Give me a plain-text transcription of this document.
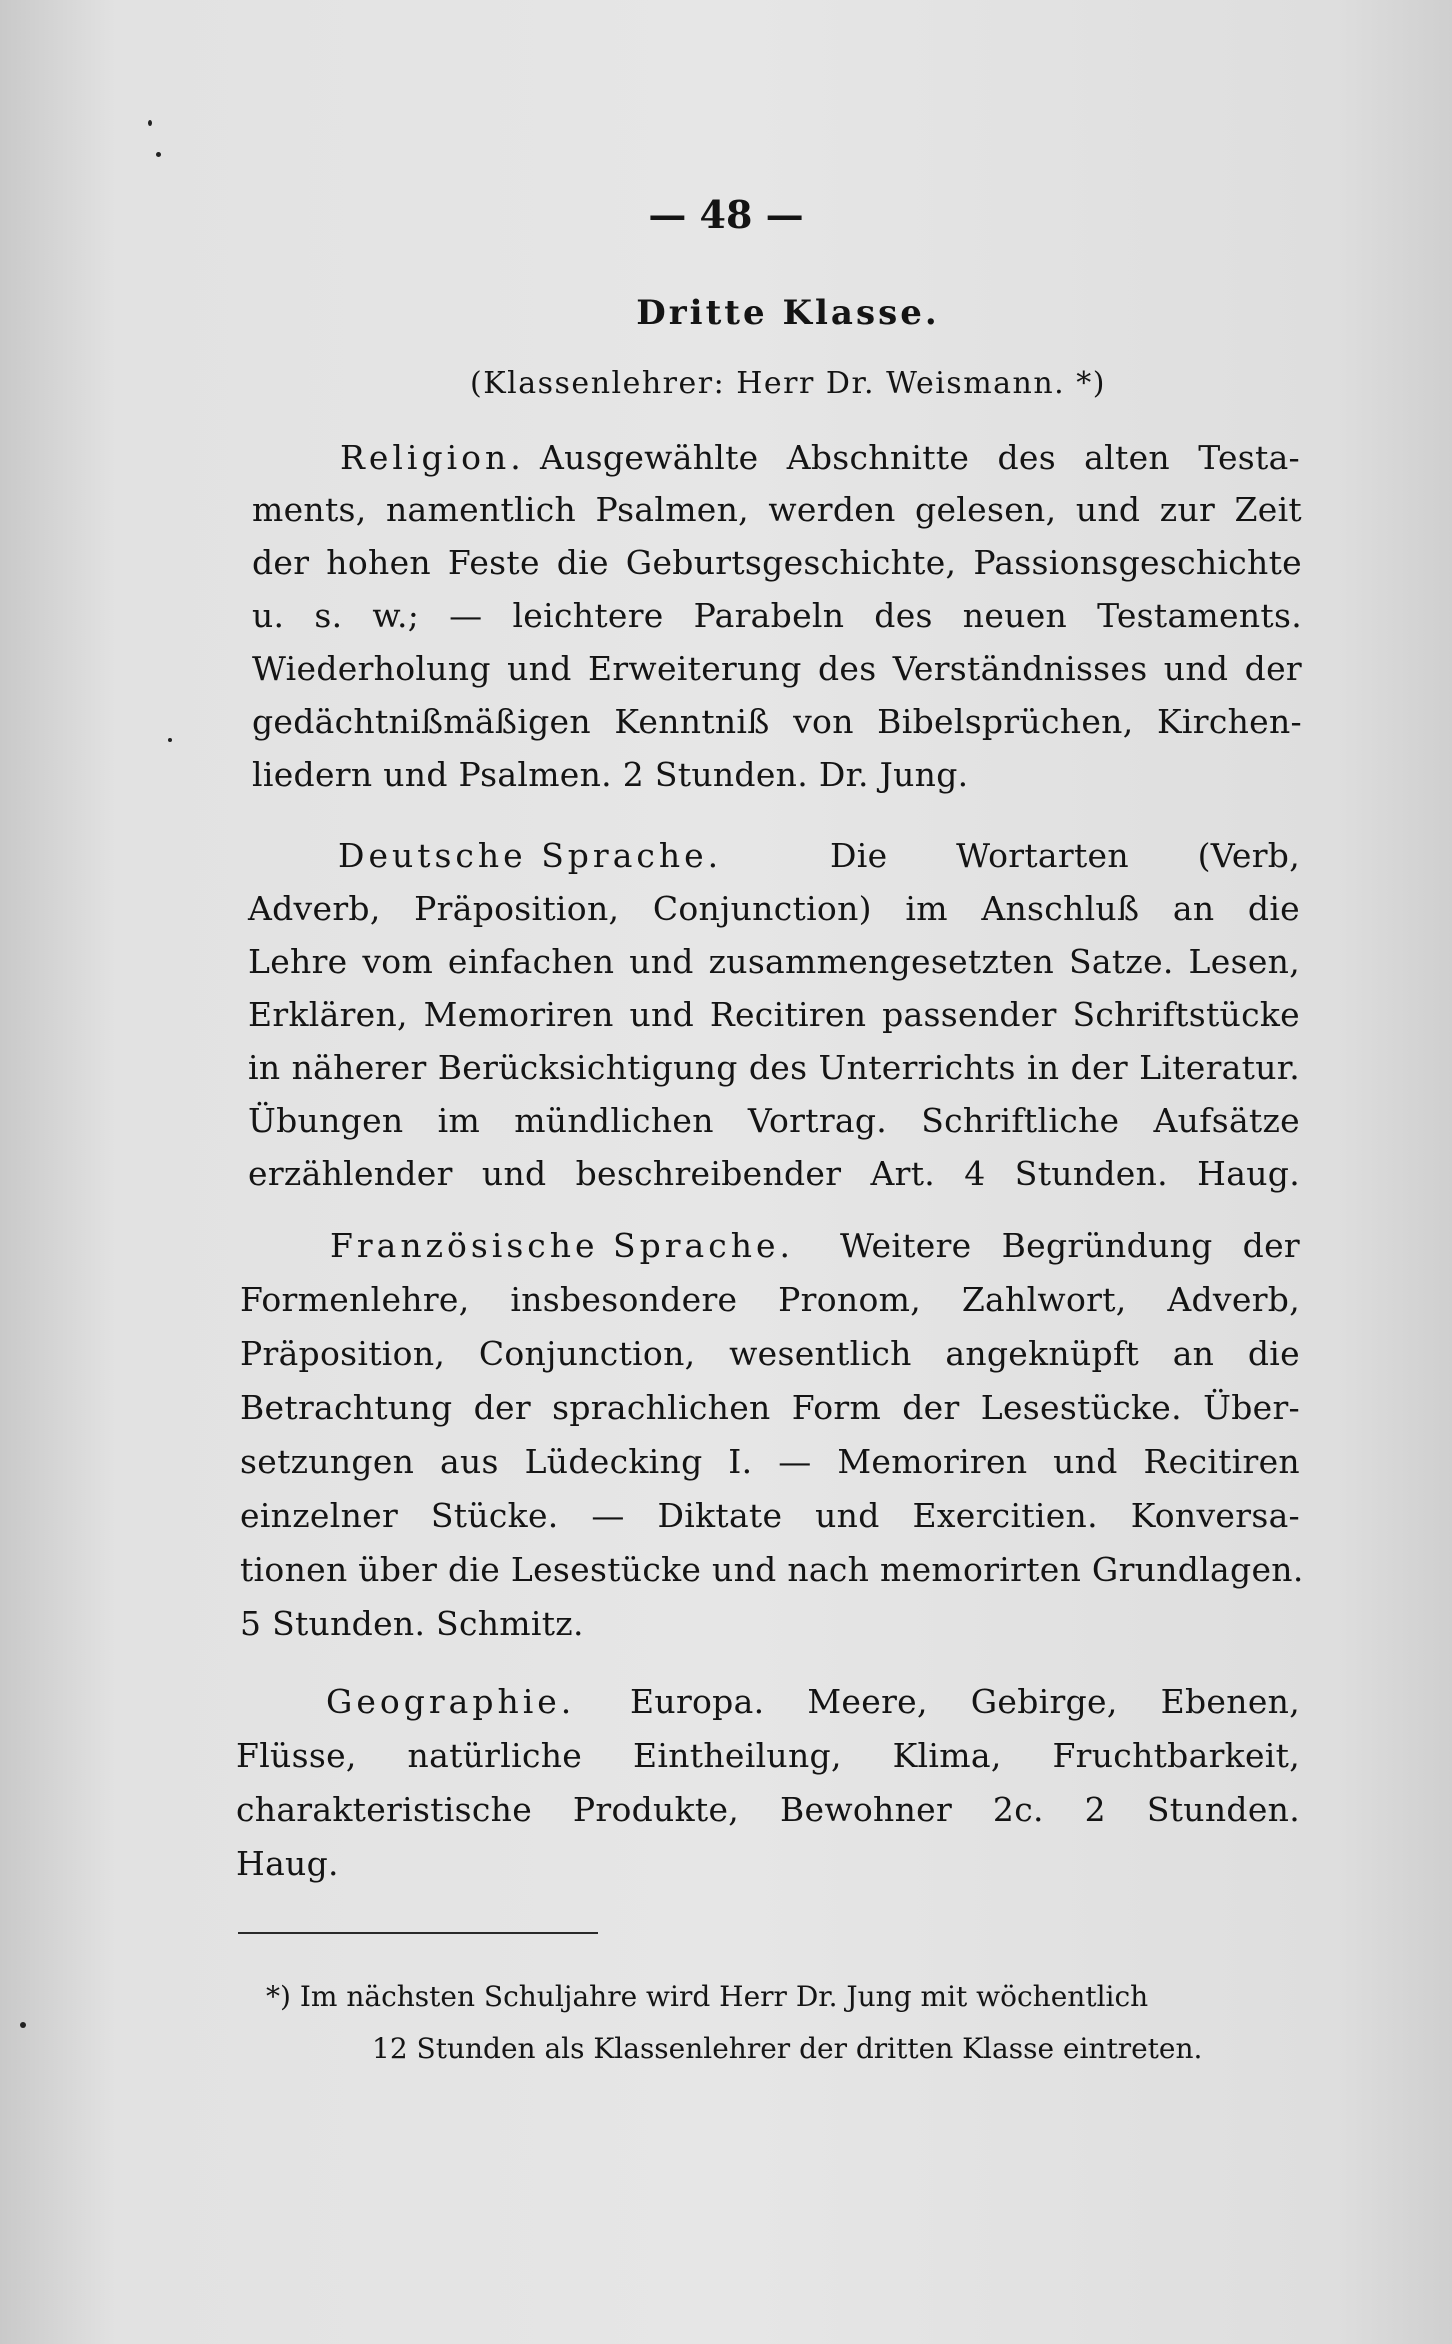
— 48 —
Dritte Klasse.
(Klassenlehrer: Herr Dr. Weismann. *)
Religion. Ausgewählte Abschnitte des alten Testa-
ments, namentlich Psalmen, werden gelesen, und zur Zeit
der hohen Feste die Geburtsgeschichte, Passionsgeschichte
u. s. w.; — leichtere Parabeln des neuen Testaments.
Wiederholung und Erweiterung des Verständnisses und der
gedächtnißmäßigen Kenntniß von Bibelsprüchen, Kirchen-
liedern und Psalmen. 2 Stunden. Dr. Jung.
Deutsche Sprache.	Die Wortarten (Verb,
Adverb, Präposition, Conjunction) im Anschluß an die
Lehre vom einfachen und zusammengesetzten Satze. Lesen,
Erklären, Memoriren und Recitiren passender Schriftstücke
in näherer Berücksichtigung des Unterrichts in der Literatur.
Übungen im mündlichen Vortrag. Schriftliche Aufsätze
erzählender und beschreibender Art. 4 Stunden. Haug.
Französische Sprache. Weitere Begründung der
Formenlehre, insbesondere Pronom, Zahlwort, Adverb,
Präposition, Conjunction, wesentlich angeknüpft an die
Betrachtung der sprachlichen Form der Lesestücke. Über-
setzungen aus Lüdecking I. — Memoriren und Recitiren
einzelner Stücke. — Diktate und Exercitien. Konversa-
tionen über die Lesestücke und nach memorirten Grundlagen.
5 Stunden. Schmitz.
Geographie. Europa. Meere, Gebirge, Ebenen,
Flüsse, natürliche Eintheilung, Klima, Fruchtbarkeit,
charakteristische Produkte, Bewohner 2c. 2 Stunden.
Haug.
*) Im nächsten Schuljahre wird Herr Dr. Jung mit wöchentlich
12 Stunden als Klassenlehrer der dritten Klasse eintreten.
